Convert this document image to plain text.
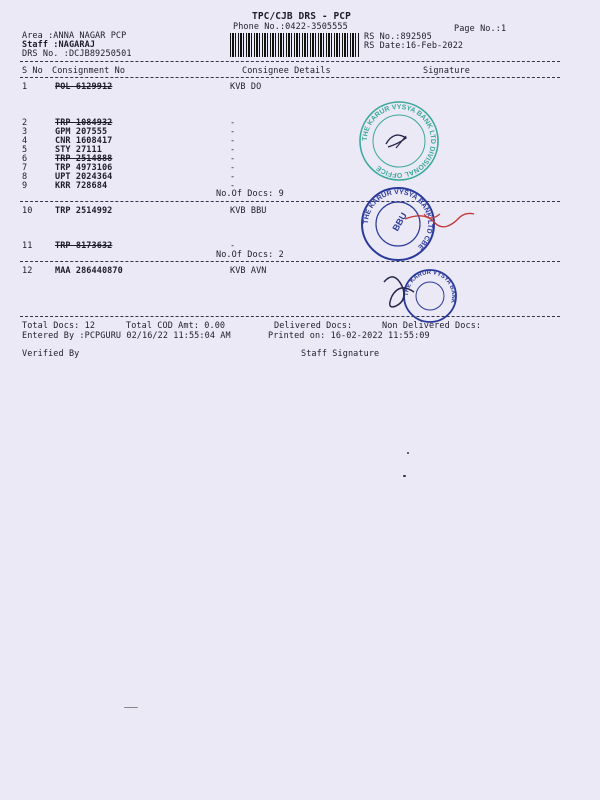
TPC/CJB DRS - PCP
Phone No.:0422-3505555	Page No.:1
Area :ANNA NAGAR PCP
Staff :NAGARAJ
DRS No. :DCJB89250501
RS No.:892505
RS Date:16-Feb-2022
S No Consignment No	Consignee Details	Signature
1	POL 6129912	KVB DO
2	TRP 1084932	-
3	GPM 207555	-
4	CNR 1608417	-
5	STY 27111	-
6	TRP 2514888	-
7	TRP 4973106	-
8	UPT 2024364	-
9	KRR 728684	-
No.Of Docs: 9
10	TRP 2514992	KVB BBU
11	TRP 8173632	-
No.Of Docs: 2
12	MAA 286440870	KVB AVN
Total Docs: 12	Total COD Amt: 0.00	Delivered Docs:	Non Delivered Docs:
Entered By :PCPGURU 02/16/22 11:55:04 AM	Printed on: 16-02-2022 11:55:09
Verified By	Staff Signature
THE KARUR VYSYA BANK LTD DIVISIONAL OFFICE
THE KARUR VYSYA BANK LTD CBE
BBU
THE KARUR VYSYA BANK
